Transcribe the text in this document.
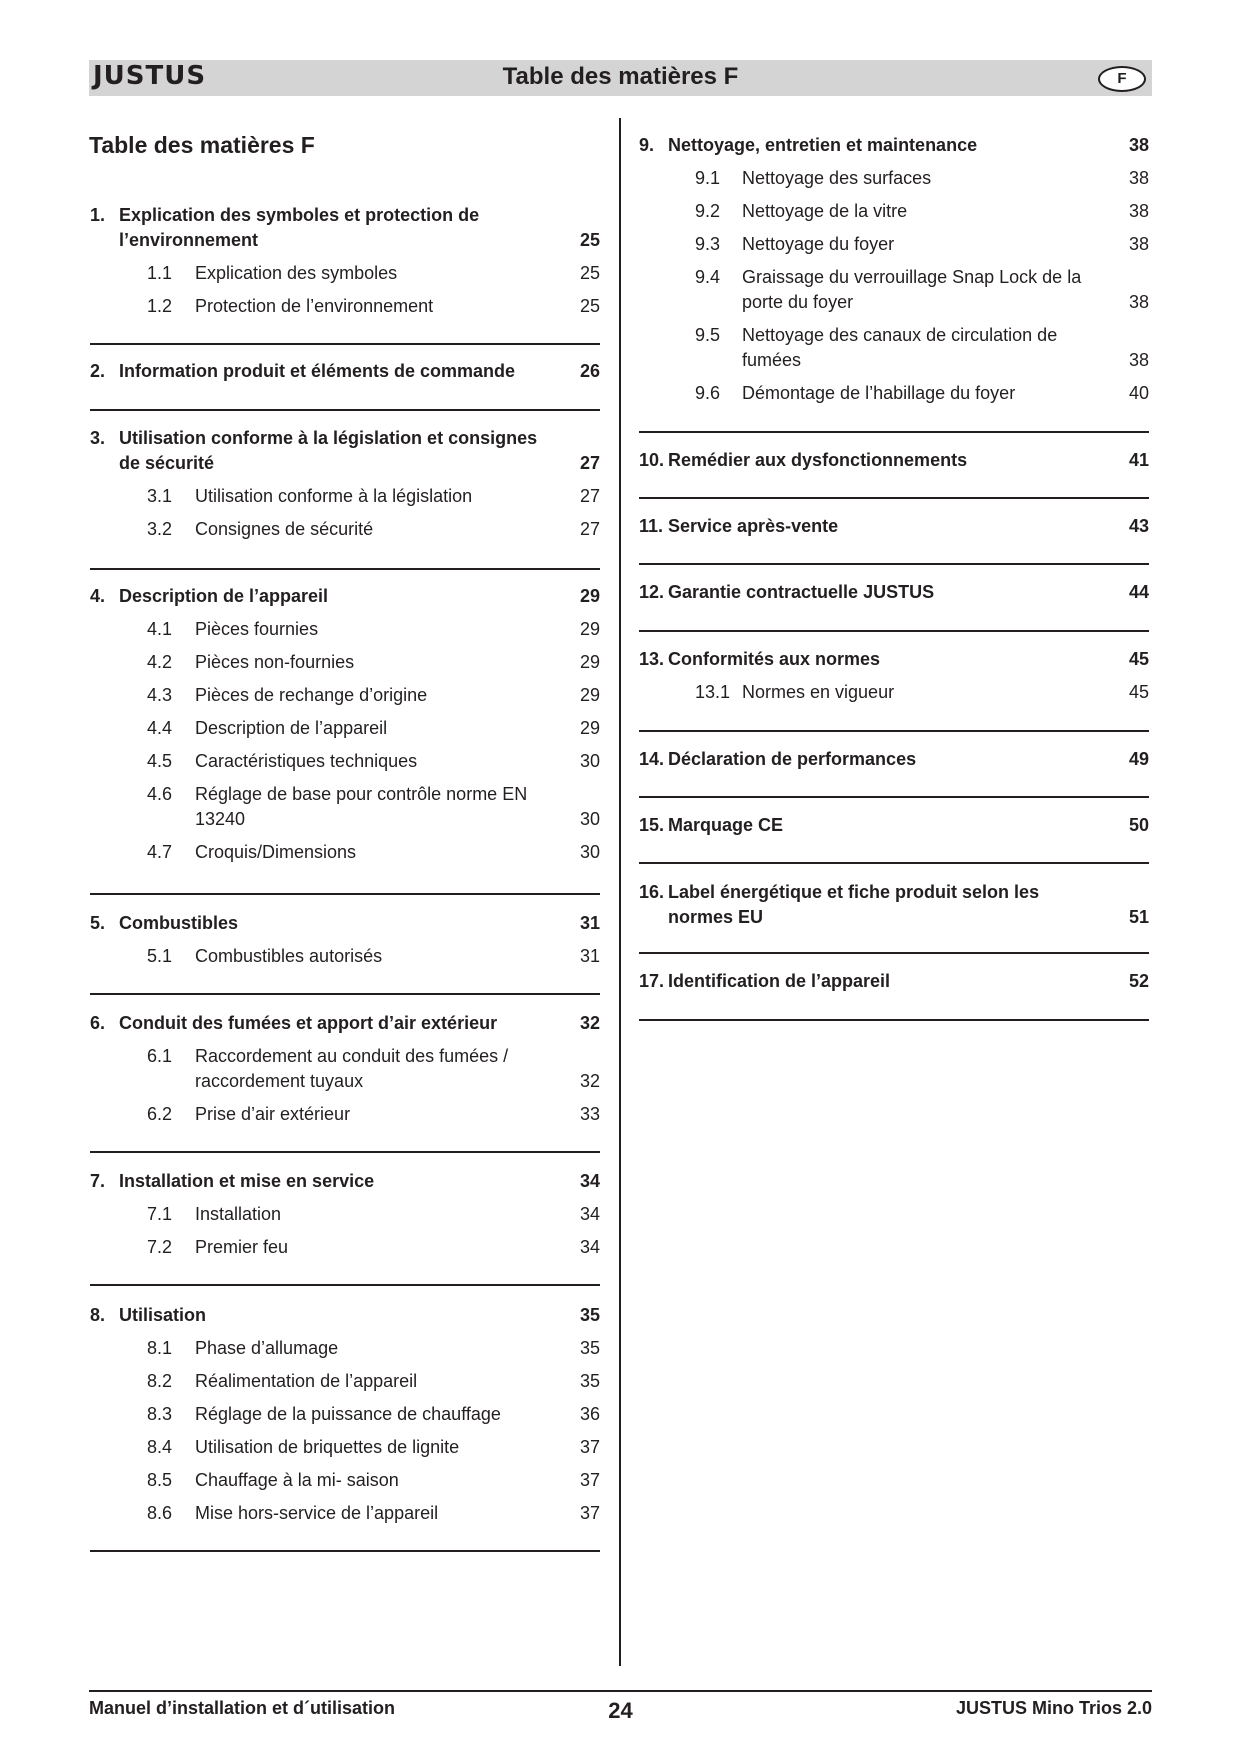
JUSTUS	Table des matières F	F
Table des matières F
1. Explication des symboles et protection de l’environnement	25
1.1 Explication des symboles	25
1.2 Protection de l’environnement	25
2. Information produit et éléments de commande	26
3. Utilisation conforme à la législation et consignes de sécurité	27
3.1 Utilisation conforme à la législation	27
3.2 Consignes de sécurité	27
4. Description de l’appareil	29
4.1 Pièces fournies	29
4.2 Pièces non-fournies	29
4.3 Pièces de rechange d’origine	29
4.4 Description de l’appareil	29
4.5 Caractéristiques techniques	30
4.6 Réglage de base pour contrôle norme EN 13240	30
4.7 Croquis/Dimensions	30
5. Combustibles	31
5.1 Combustibles autorisés	31
6. Conduit des fumées et apport d’air extérieur	32
6.1 Raccordement au conduit des fumées / raccordement tuyaux	32
6.2 Prise d’air extérieur	33
7. Installation et mise en service	34
7.1 Installation	34
7.2 Premier feu	34
8. Utilisation	35
8.1 Phase d’allumage	35
8.2 Réalimentation de l’appareil	35
8.3 Réglage de la puissance de chauffage	36
8.4 Utilisation de briquettes de lignite	37
8.5 Chauffage à la mi- saison	37
8.6 Mise hors-service de l’appareil	37
9. Nettoyage, entretien et maintenance	38
9.1 Nettoyage des surfaces	38
9.2 Nettoyage de la vitre	38
9.3 Nettoyage du foyer	38
9.4 Graissage du verrouillage Snap Lock de la porte du foyer	38
9.5 Nettoyage des canaux de circulation de fumées	38
9.6 Démontage de l’habillage du foyer	40
10. Remédier aux dysfonctionnements	41
11. Service après-vente	43
12. Garantie contractuelle JUSTUS	44
13. Conformités aux normes	45
13.1 Normes en vigueur	45
14. Déclaration de performances	49
15. Marquage CE	50
16. Label énergétique et fiche produit selon les normes EU	51
17. Identification de l’appareil	52
Manuel d’installation et d´utilisation	24	JUSTUS Mino Trios 2.0
